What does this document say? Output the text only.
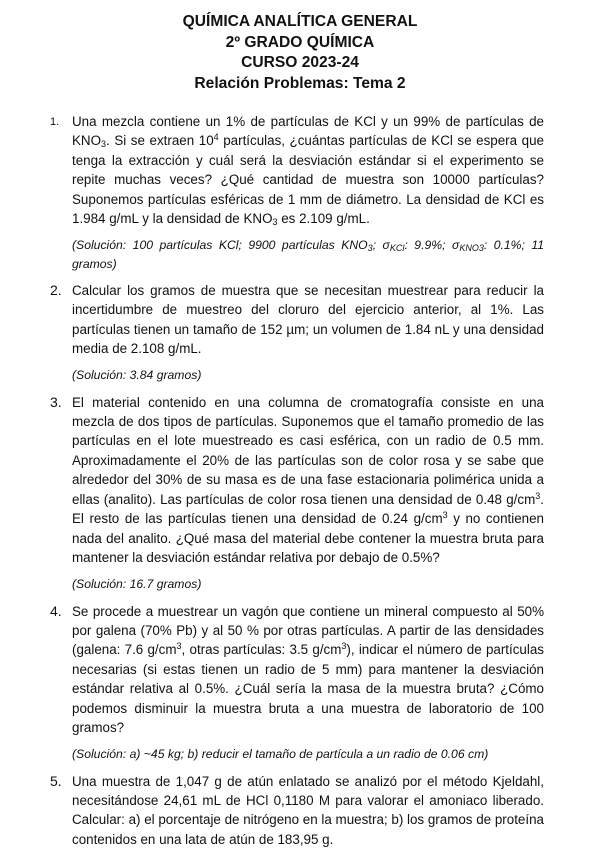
QUÍMICA ANALÍTICA GENERAL
2º GRADO QUÍMICA
CURSO 2023-24
Relación Problemas: Tema 2
1. Una mezcla contiene un 1% de partículas de KCl y un 99% de partículas de $KNO_3$. Si se extraen $10^4$ partículas, ¿cuántas partículas de KCl se espera que tenga la extracción y cuál será la desviación estándar si el experimento se repite muchas veces? ¿Qué cantidad de muestra son 10000 partículas? Suponemos partículas esféricas de 1 mm de diámetro. La densidad de KCl es 1.984 g/mL y la densidad de $KNO_3$ es 2.109 g/mL.
(Solución: 100 partículas KCl; 9900 partículas $KNO_3$; $\sigma_{KCl}$: 9.9%; $\sigma_{KNO3}$: 0.1%; 11 gramos)
2. Calcular los gramos de muestra que se necesitan muestrear para reducir la incertidumbre de muestreo del cloruro del ejercicio anterior, al 1%. Las partículas tienen un tamaño de 152 µm; un volumen de 1.84 nL y una densidad media de 2.108 g/mL.
(Solución: 3.84 gramos)
3. El material contenido en una columna de cromatografía consiste en una mezcla de dos tipos de partículas. Suponemos que el tamaño promedio de las partículas en el lote muestreado es casi esférica, con un radio de 0.5 mm. Aproximadamente el 20% de las partículas son de color rosa y se sabe que alrededor del 30% de su masa es de una fase estacionaria polimérica unida a ellas (analito). Las partículas de color rosa tienen una densidad de 0.48 $g/cm^3$. El resto de las partículas tienen una densidad de 0.24 $g/cm^3$ y no contienen nada del analito. ¿Qué masa del material debe contener la muestra bruta para mantener la desviación estándar relativa por debajo de 0.5%?
(Solución: 16.7 gramos)
4. Se procede a muestrear un vagón que contiene un mineral compuesto al 50% por galena (70% Pb) y al 50 % por otras partículas. A partir de las densidades (galena: 7.6 $g/cm^3$, otras partículas: 3.5 $g/cm^3$), indicar el número de partículas necesarias (si estas tienen un radio de 5 mm) para mantener la desviación estándar relativa al 0.5%. ¿Cuál sería la masa de la muestra bruta? ¿Cómo podemos disminuir la muestra bruta a una muestra de laboratorio de 100 gramos?
(Solución: a) ~45 kg; b) reducir el tamaño de partícula a un radio de 0.06 cm)
5. Una muestra de 1,047 g de atún enlatado se analizó por el método Kjeldahl, necesitándose 24,61 mL de HCl 0,1180 M para valorar el amoniaco liberado. Calcular: a) el porcentaje de nitrógeno en la muestra; b) los gramos de proteína contenidos en una lata de atún de 183,95 g.
